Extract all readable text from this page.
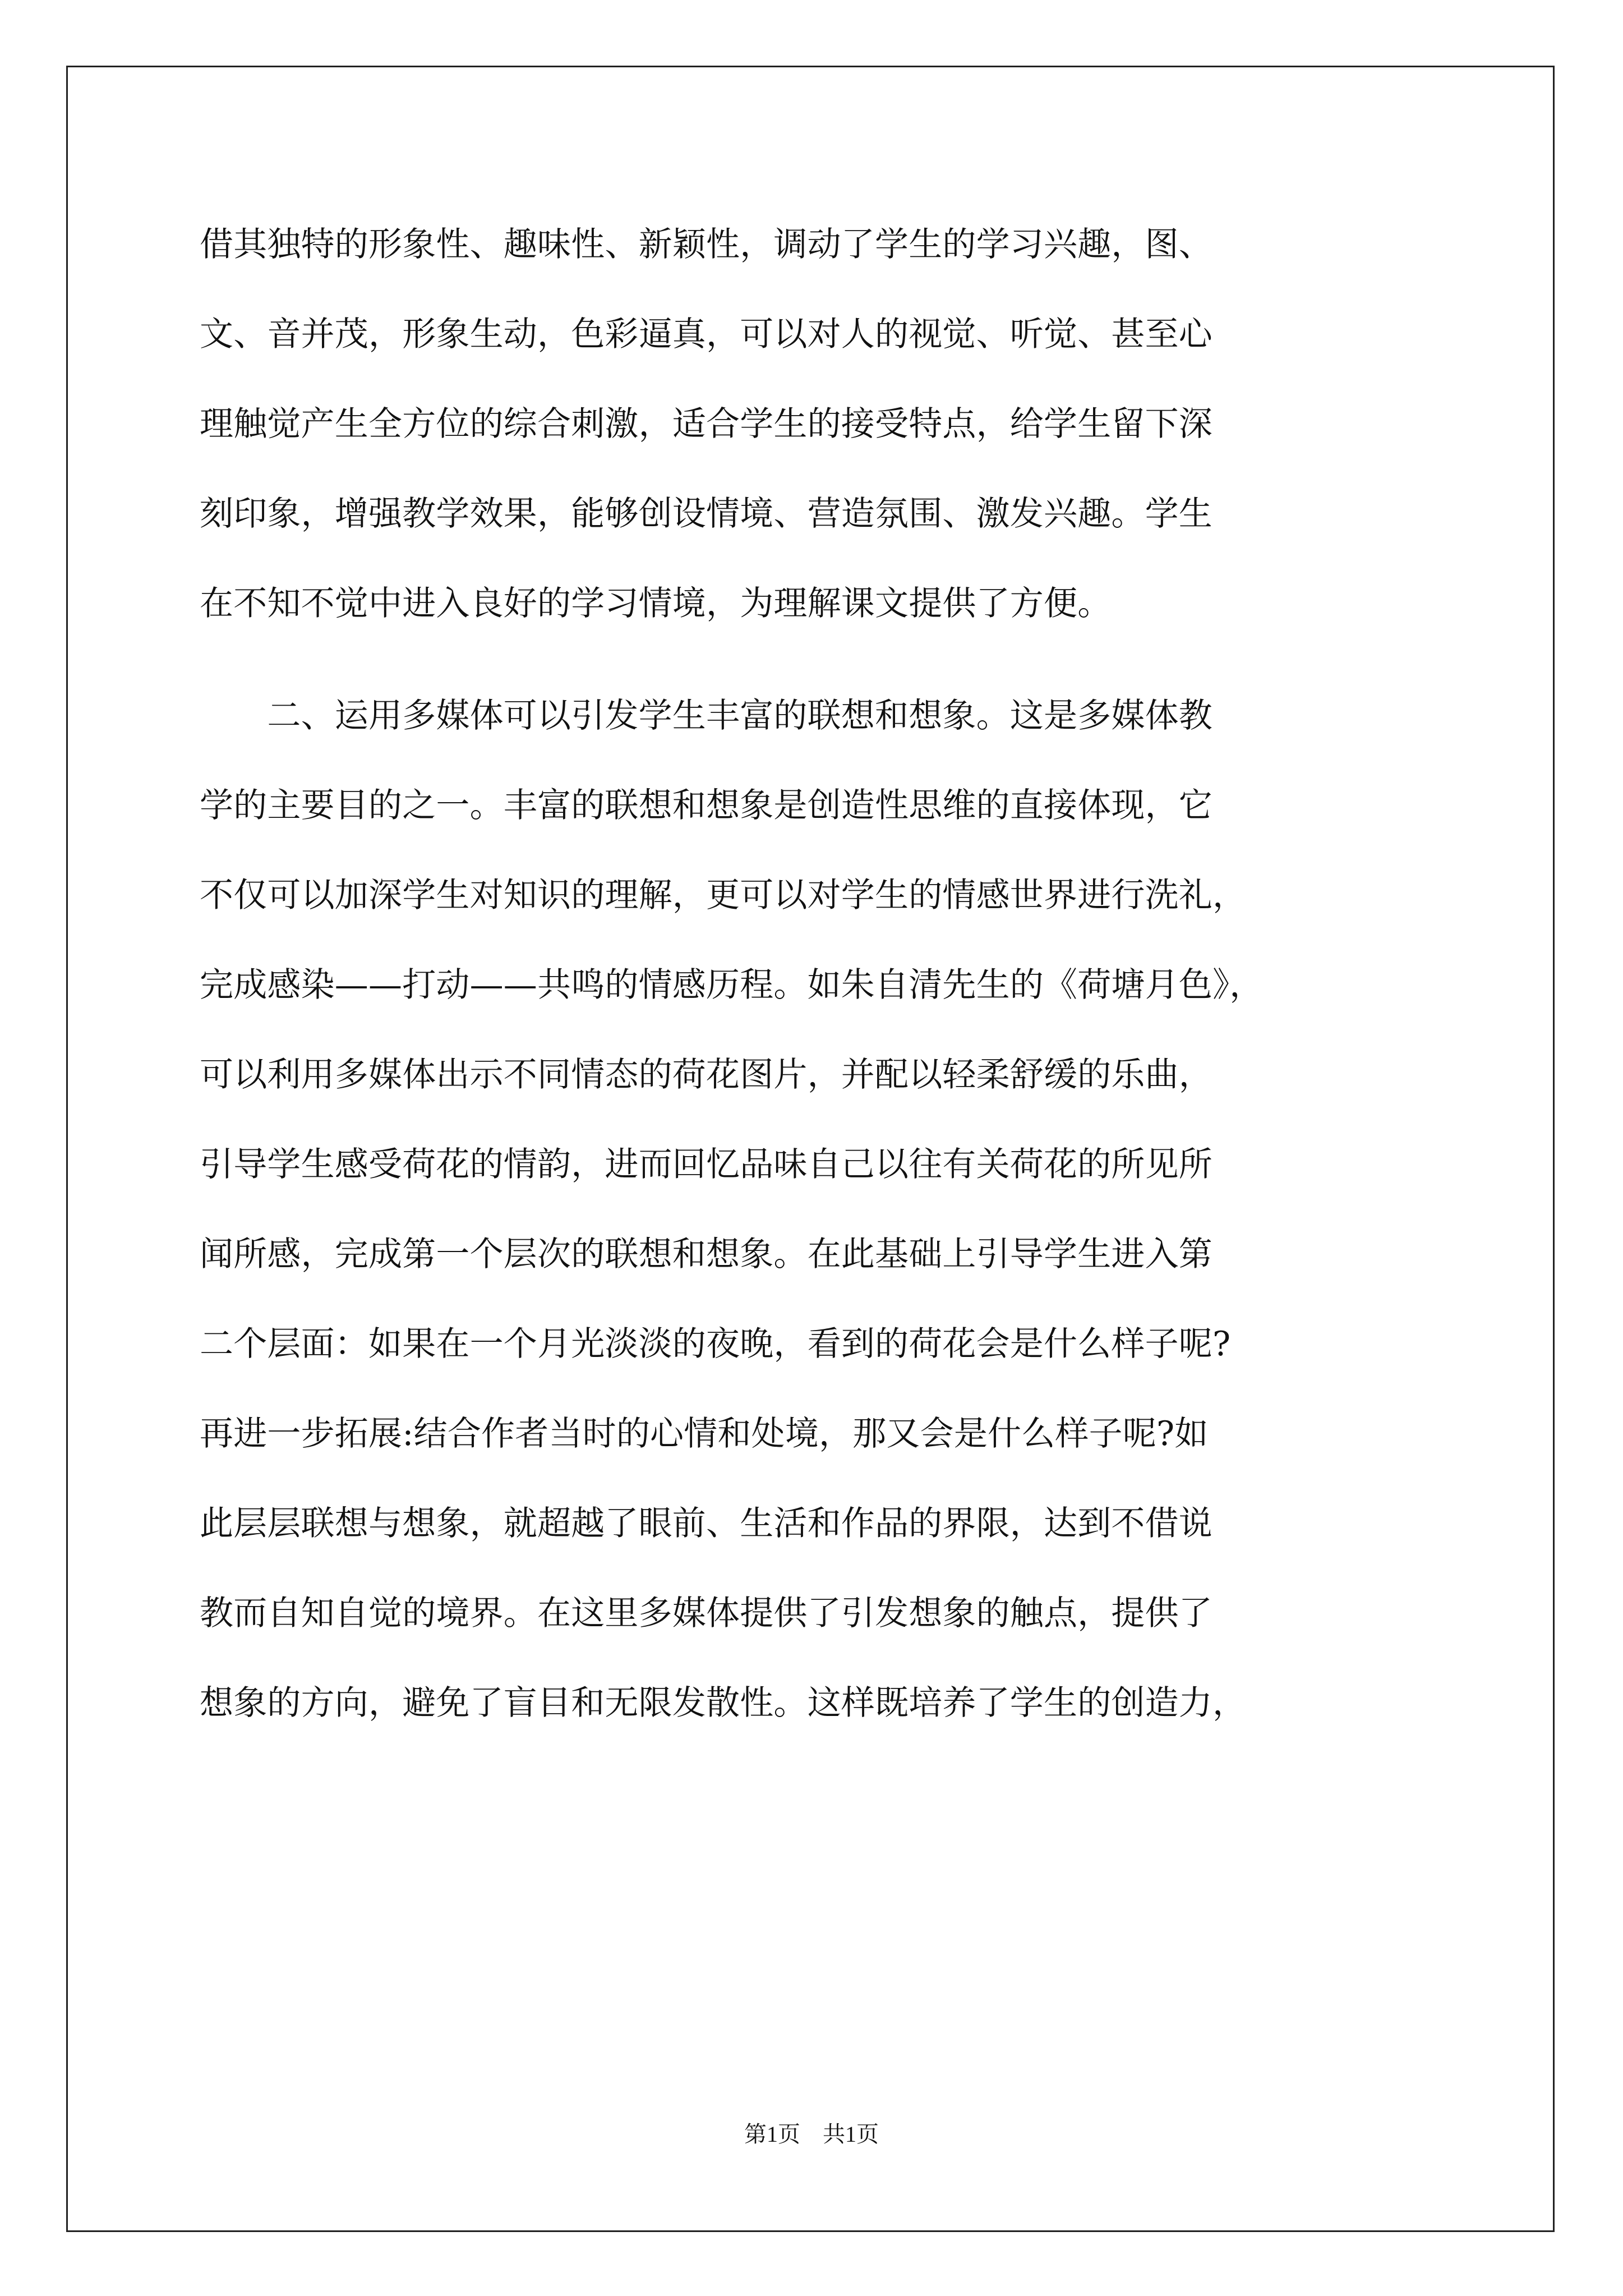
借其独特的形象性、趣味性、新颖性，调动了学生的学习兴趣，图、
文、音并茂，形象生动，色彩逼真，可以对人的视觉、听觉、甚至心
理触觉产生全方位的综合刺激，适合学生的接受特点，给学生留下深
刻印象，增强教学效果，能够创设情境、营造氛围、激发兴趣。学生
在不知不觉中进入良好的学习情境，为理解课文提供了方便。
　　二、运用多媒体可以引发学生丰富的联想和想象。这是多媒体教
学的主要目的之一。丰富的联想和想象是创造性思维的直接体现，它
不仅可以加深学生对知识的理解，更可以对学生的情感世界进行洗礼，
完成感染——打动——共鸣的情感历程。如朱自清先生的《荷塘月色》，
可以利用多媒体出示不同情态的荷花图片，并配以轻柔舒缓的乐曲，
引导学生感受荷花的情韵，进而回忆品味自己以往有关荷花的所见所
闻所感，完成第一个层次的联想和想象。在此基础上引导学生进入第
二个层面：如果在一个月光淡淡的夜晚，看到的荷花会是什么样子呢?
再进一步拓展:结合作者当时的心情和处境，那又会是什么样子呢?如
此层层联想与想象，就超越了眼前、生活和作品的界限，达到不借说
教而自知自觉的境界。在这里多媒体提供了引发想象的触点，提供了
想象的方向，避免了盲目和无限发散性。这样既培养了学生的创造力，
第1页　共1页
